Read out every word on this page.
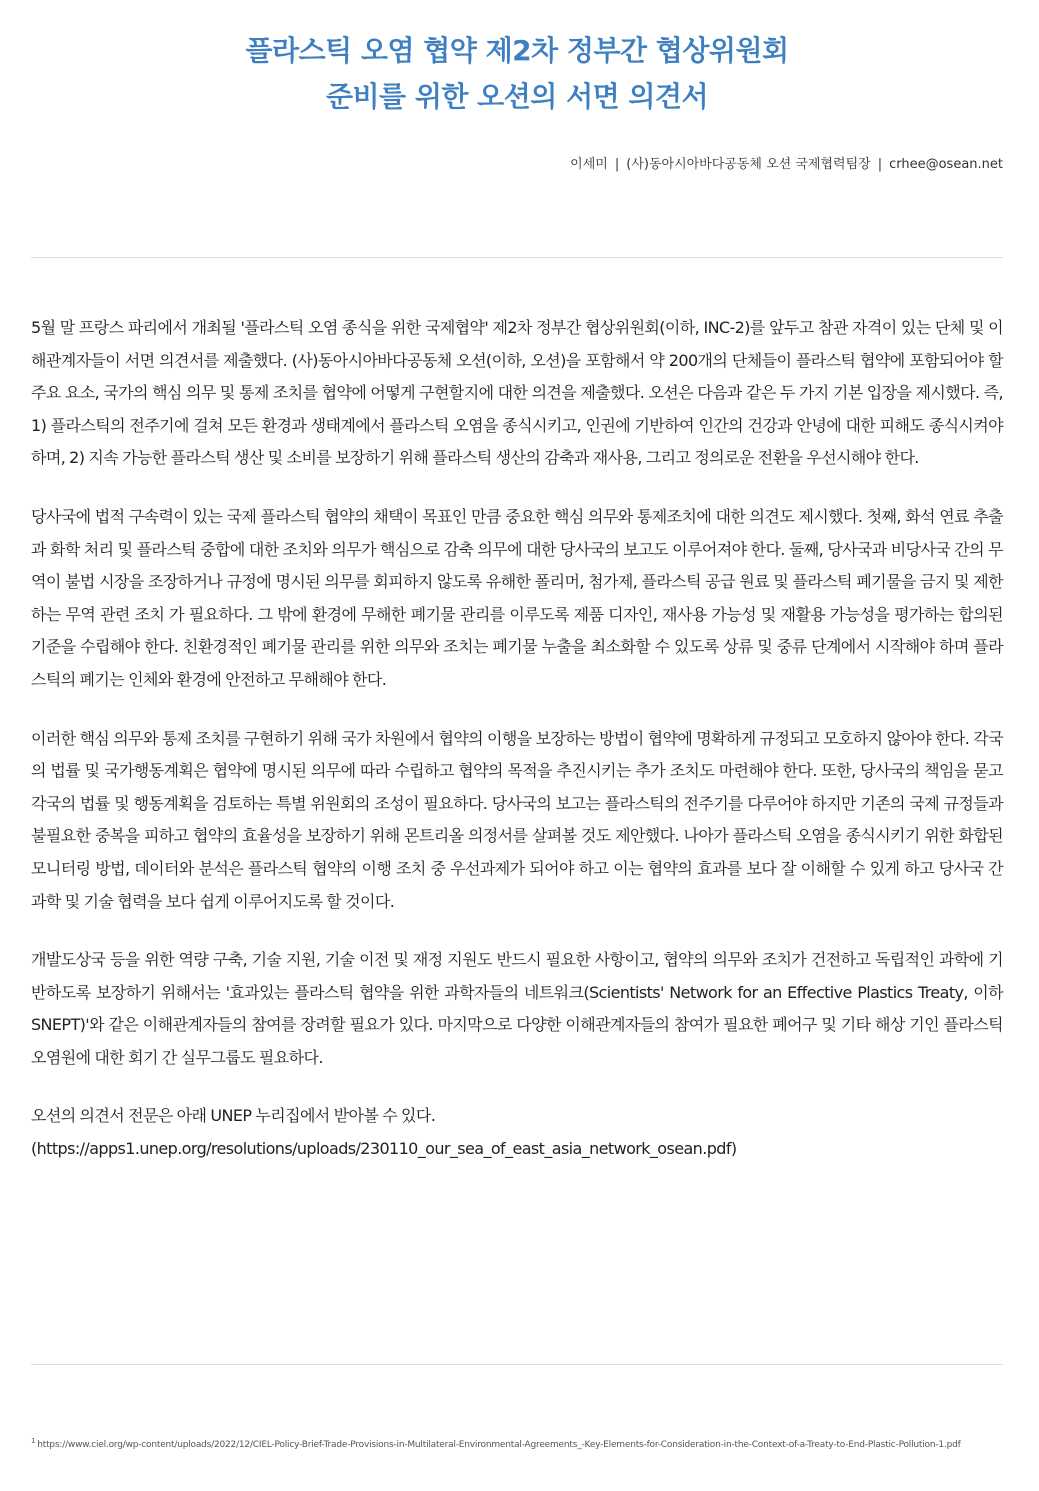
플라스틱 오염 협약 제2차 정부간 협상위원회
준비를 위한 오션의 서면 의견서
이세미 | (사)동아시아바다공동체 오션 국제협력팀장 | crhee@osean.net

5월 말 프랑스 파리에서 개최될 '플라스틱 오염 종식을 위한 국제협약' 제2차 정부간 협상위원회(이하, INC-2)를 앞두고 참관 자격이 있는 단체 및 이해관계자들이 서면 의견서를 제출했다. (사)동아시아바다공동체 오션(이하, 오션)을 포함해서 약 200개의 단체들이 플라스틱 협약에 포함되어야 할 주요 요소, 국가의 핵심 의무 및 통제 조치를 협약에 어떻게 구현할지에 대한 의견을 제출했다. 오션은 다음과 같은 두 가지 기본 입장을 제시했다. 즉, 1) 플라스틱의 전주기에 걸쳐 모든 환경과 생태계에서 플라스틱 오염을 종식시키고, 인권에 기반하여 인간의 건강과 안녕에 대한 피해도 종식시켜야 하며, 2) 지속 가능한 플라스틱 생산 및 소비를 보장하기 위해 플라스틱 생산의 감축과 재사용, 그리고 정의로운 전환을 우선시해야 한다.

당사국에 법적 구속력이 있는 국제 플라스틱 협약의 채택이 목표인 만큼 중요한 핵심 의무와 통제조치에 대한 의견도 제시했다. 첫째, 화석 연료 추출과 화학 처리 및 플라스틱 중합에 대한 조치와 의무가 핵심으로 감축 의무에 대한 당사국의 보고도 이루어져야 한다. 둘째, 당사국과 비당사국 간의 무역이 불법 시장을 조장하거나 규정에 명시된 의무를 회피하지 않도록 유해한 폴리머, 첨가제, 플라스틱 공급 원료 및 플라스틱 폐기물을 금지 및 제한하는 무역 관련 조치 가 필요하다. 그 밖에 환경에 무해한 폐기물 관리를 이루도록 제품 디자인, 재사용 가능성 및 재활용 가능성을 평가하는 합의된 기준을 수립해야 한다. 친환경적인 폐기물 관리를 위한 의무와 조치는 폐기물 누출을 최소화할 수 있도록 상류 및 중류 단계에서 시작해야 하며 플라스틱의 폐기는 인체와 환경에 안전하고 무해해야 한다.

이러한 핵심 의무와 통제 조치를 구현하기 위해 국가 차원에서 협약의 이행을 보장하는 방법이 협약에 명확하게 규정되고 모호하지 않아야 한다. 각국의 법률 및 국가행동계획은 협약에 명시된 의무에 따라 수립하고 협약의 목적을 추진시키는 추가 조치도 마련해야 한다. 또한, 당사국의 책임을 묻고 각국의 법률 및 행동계획을 검토하는 특별 위원회의 조성이 필요하다. 당사국의 보고는 플라스틱의 전주기를 다루어야 하지만 기존의 국제 규정들과 불필요한 중복을 피하고 협약의 효율성을 보장하기 위해 몬트리올 의정서를 살펴볼 것도 제안했다. 나아가 플라스틱 오염을 종식시키기 위한 화합된 모니터링 방법, 데이터와 분석은 플라스틱 협약의 이행 조치 중 우선과제가 되어야 하고 이는 협약의 효과를 보다 잘 이해할 수 있게 하고 당사국 간 과학 및 기술 협력을 보다 쉽게 이루어지도록 할 것이다.

개발도상국 등을 위한 역량 구축, 기술 지원, 기술 이전 및 재정 지원도 반드시 필요한 사항이고, 협약의 의무와 조치가 건전하고 독립적인 과학에 기반하도록 보장하기 위해서는 '효과있는 플라스틱 협약을 위한 과학자들의 네트워크(Scientists' Network for an Effective Plastics Treaty, 이하 SNEPT)'와 같은 이해관계자들의 참여를 장려할 필요가 있다. 마지막으로 다양한 이해관계자들의 참여가 필요한 폐어구 및 기타 해상 기인 플라스틱 오염원에 대한 회기 간 실무그룹도 필요하다.

오션의 의견서 전문은 아래 UNEP 누리집에서 받아볼 수 있다.
(https://apps1.unep.org/resolutions/uploads/230110_our_sea_of_east_asia_network_osean.pdf)

$^1$ https://www.ciel.org/wp-content/uploads/2022/12/CIEL-Policy-Brief-Trade-Provisions-in-Multilateral-Environmental-Agreements_-Key-Elements-for-Consideration-in-the-Context-of-a-Treaty-to-End-Plastic-Pollution-1.pdf
